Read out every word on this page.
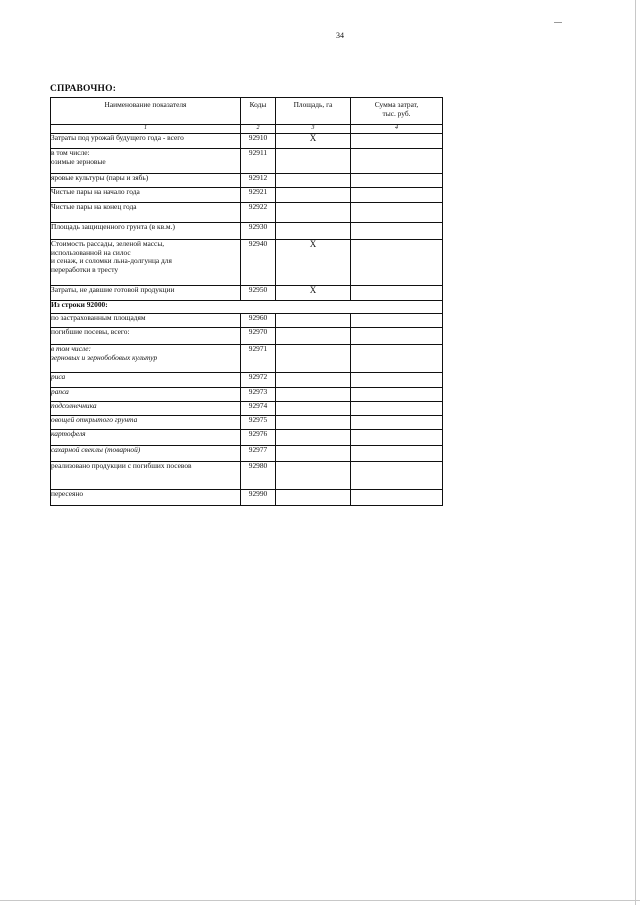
34
СПРАВОЧНО:
Наименование показателя	Коды	Площадь, га	Сумма затрат,
тыс. руб.

1	2	3	4
Затраты под урожай будущего года - всего	92910	X	

в том числе:
озимые зерновые	92911		
яровые культуры (пары и зябь)	92912		
Чистые пары на начало года	92921		
Чистые пары на конец года	92922		
Площадь защищенного грунта (в кв.м.)	92930		

Стоимость рассады, зеленой массы,
использованной на силос
и сенаж, и соломки льна-долгунца для
переработки в тресту	92940	X	
Затраты, не давшие готовой продукции	92950	X	
Из строки 92000:			
по застрахованным площадям	92960		
погибшие посевы, всего:	92970		

в том числе:
зерновых и зернобобовых культур	92971		
риса	92972		
рапса	92973		
подсолнечника	92974		
овощей открытого грунта	92975		
картофеля	92976		
сахарной свеклы (товарной)	92977		
реализовано продукции с погибших посевов	92980		
пересеяно	92990		
